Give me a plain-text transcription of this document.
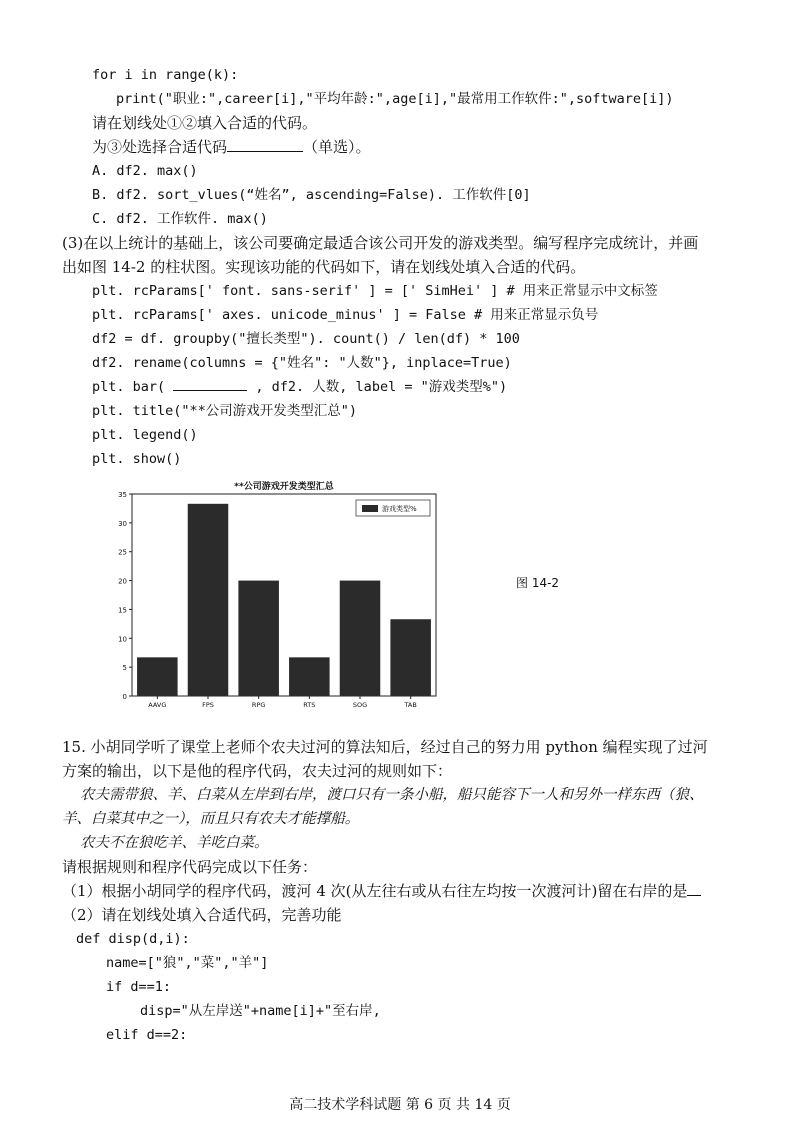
for i in range(k):
print("职业:",career[i],"平均年龄:",age[i],"最常用工作软件:",software[i])
请在划线处①②填入合适的代码。
为③处选择合适代码	（单选）。
A. df2. max()
B. df2. sort_vlues(“姓名”, ascending=False). 工作软件[0]
C. df2. 工作软件. max()
(3)在以上统计的基础上，该公司要确定最适合该公司开发的游戏类型。编写程序完成统计，并画
出如图 14-2 的柱状图。实现该功能的代码如下，请在划线处填入合适的代码。
plt. rcParams[' font. sans-serif' ] = [' SimHei' ] # 用来正常显示中文标签
plt. rcParams[' axes. unicode_minus' ] = False # 用来正常显示负号
df2 = df. groupby("擅长类型"). count() / len(df) * 100
df2. rename(columns = {"姓名": "人数"}, inplace=True)
plt. bar(	, df2. 人数, label = "游戏类型%")
plt. title("**公司游戏开发类型汇总")
plt. legend()
plt. show()
**公司游戏开发类型汇总
0
5
10
15
20
25
30
35
AAVG	FPS	RPG	RTS	SOG	TAB
游戏类型%
图 14-2
15. 小胡同学听了课堂上老师个农夫过河的算法知后，经过自己的努力用 python 编程实现了过河
方案的输出，以下是他的程序代码，农夫过河的规则如下：
农夫需带狼、羊、白菜从左岸到右岸，渡口只有一条小船，船只能容下一人和另外一样东西（狼、
羊、白菜其中之一），而且只有农夫才能撑船。
农夫不在狼吃羊、羊吃白菜。
请根据规则和程序代码完成以下任务：
（1）根据小胡同学的程序代码，渡河 4 次(从左往右或从右往左均按一次渡河计)留在右岸的是
（2）请在划线处填入合适代码，完善功能
def disp(d,i):
name=["狼","菜","羊"]
if d==1:
disp="从左岸送"+name[i]+"至右岸,
elif d==2:
高二技术学科试题 第 6 页 共 14 页
